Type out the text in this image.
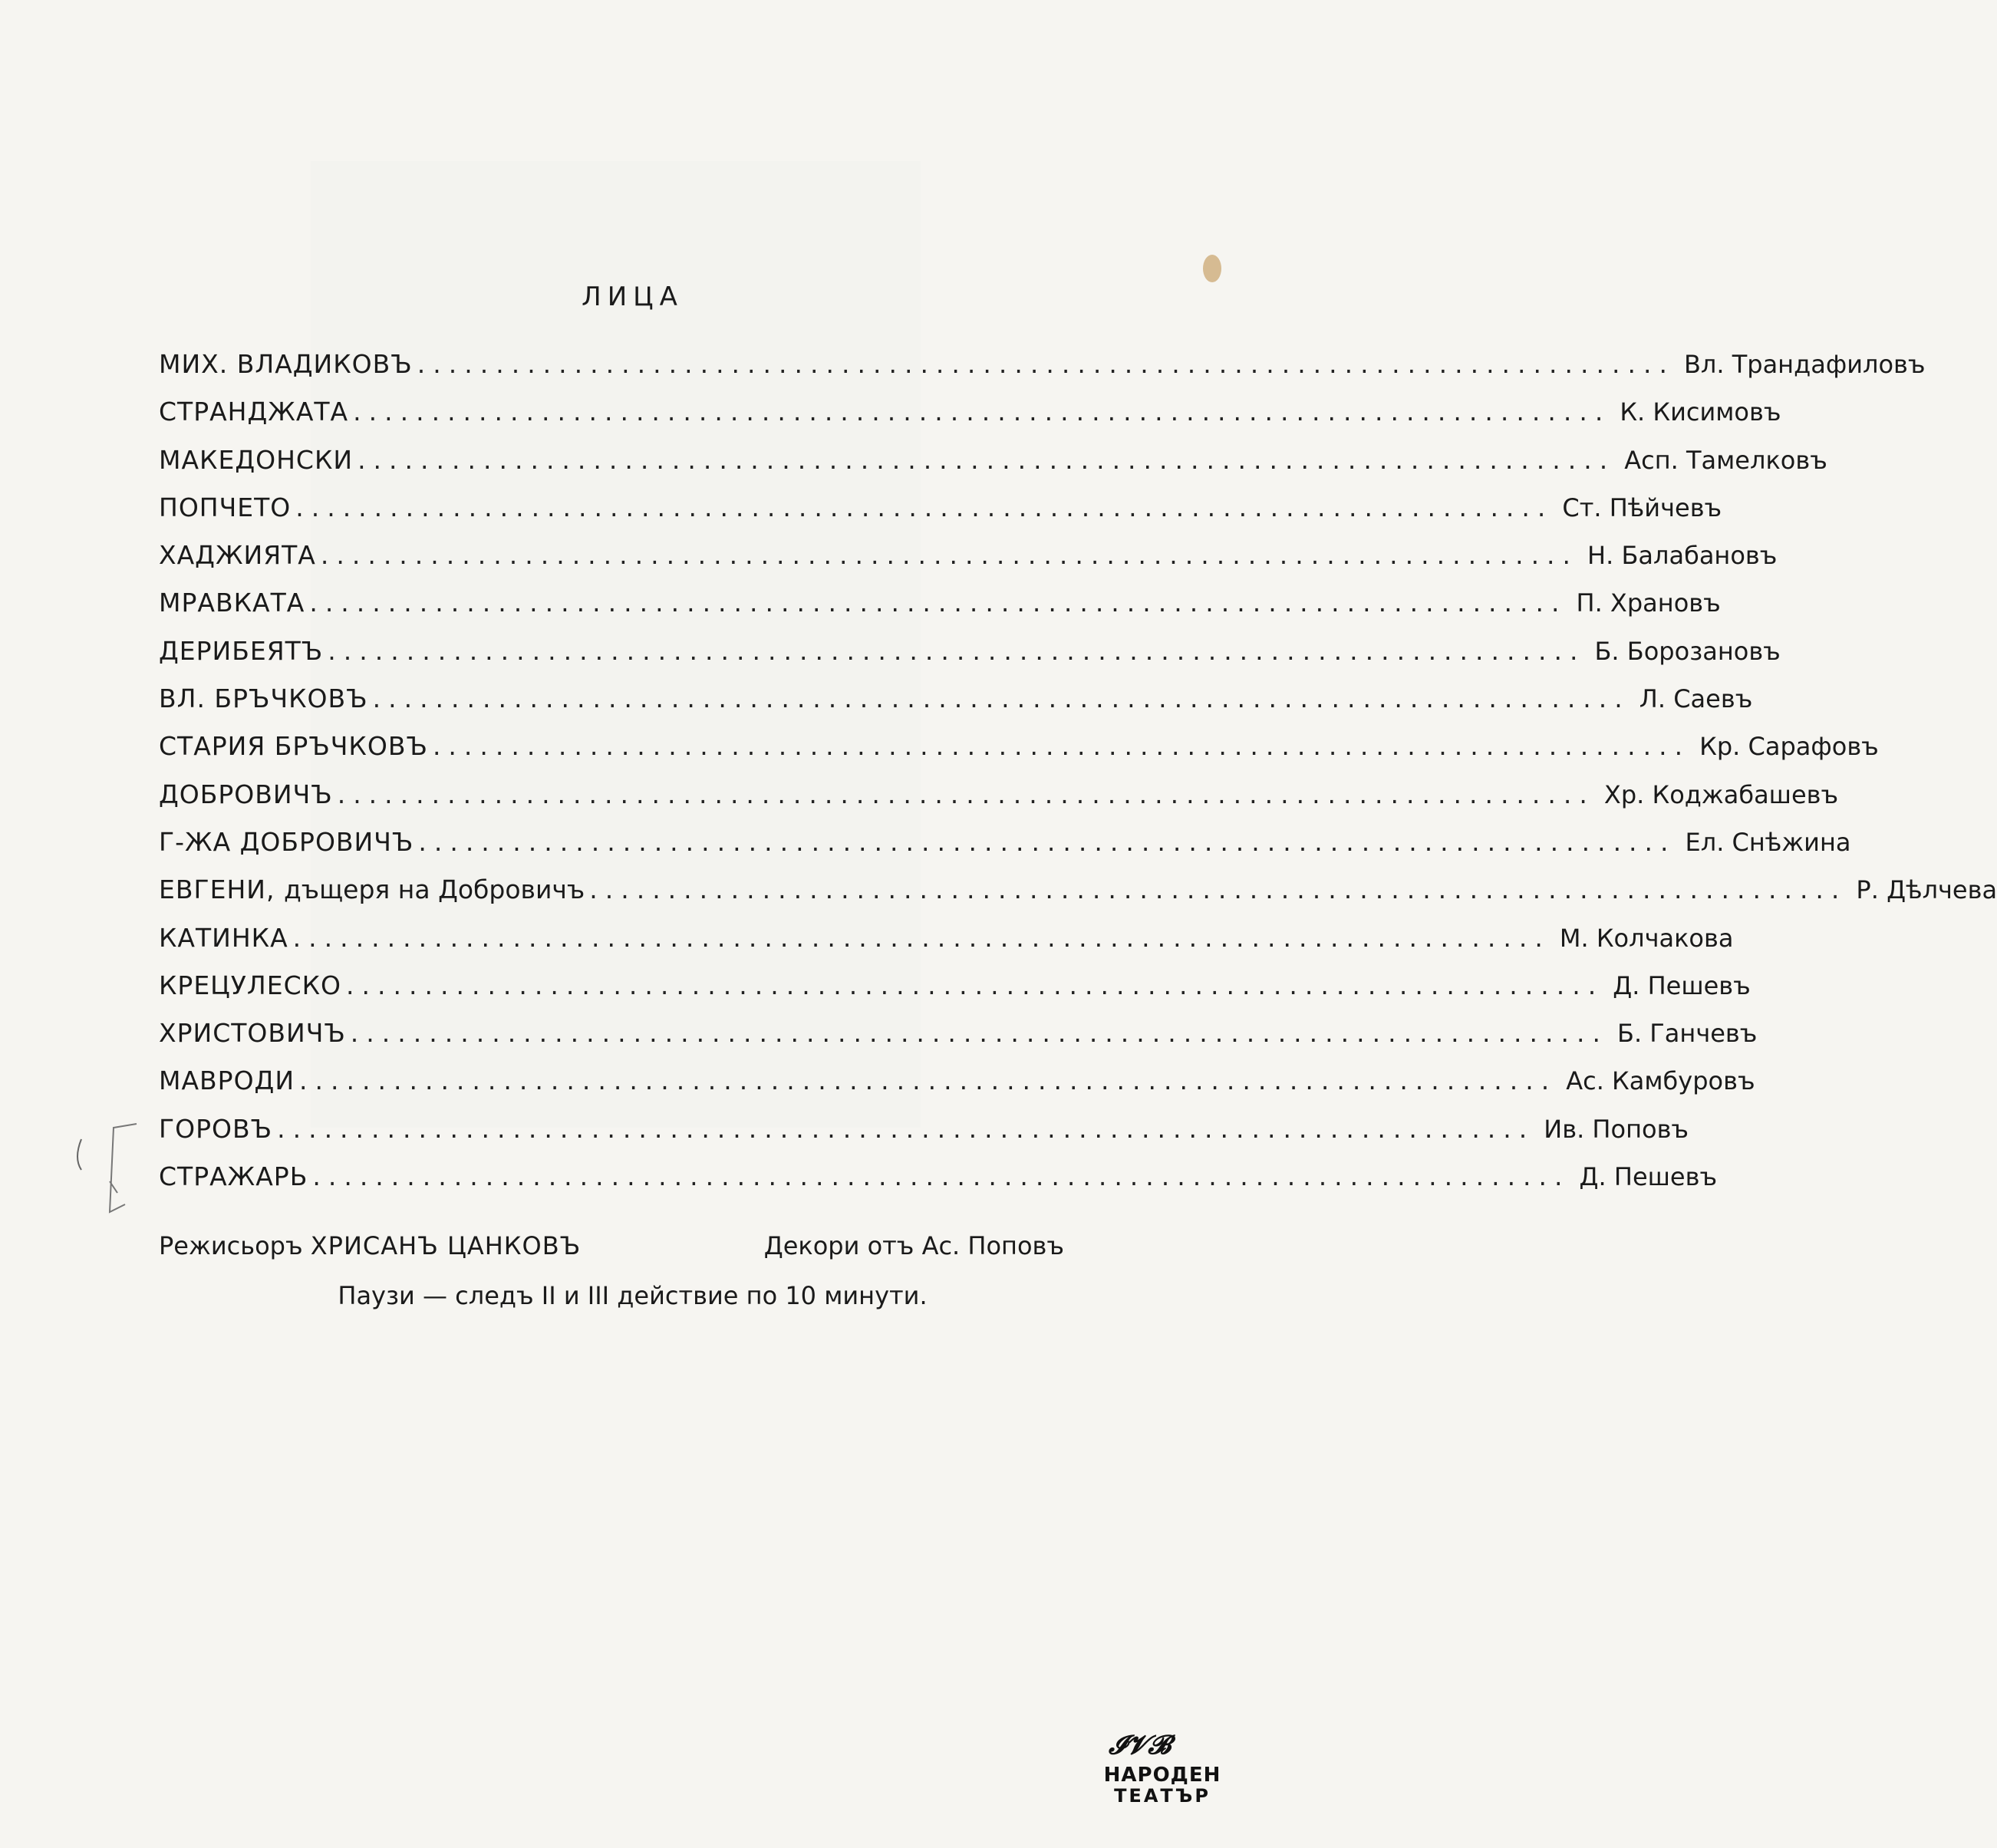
ЛИЦА
МИХ. ВЛАДИКОВЪ ................................................................................ Вл. Трандафиловъ
СТРАНДЖАТА ................................................................................ К. Кисимовъ
МАКЕДОНСКИ ................................................................................ Асп. Тамелковъ
ПОПЧЕТО ................................................................................ Ст. Пѣйчевъ
ХАДЖИЯТА ................................................................................ Н. Балабановъ
МРАВКАТА ................................................................................ П. Храновъ
ДЕРИБЕЯТЪ ................................................................................ Б. Борозановъ
ВЛ. БРЪЧКОВЪ ................................................................................ Л. Саевъ
СТАРИЯ БРЪЧКОВЪ ................................................................................ Кр. Сарафовъ
ДОБРОВИЧЪ ................................................................................ Хр. Коджабашевъ
Г-ЖА ДОБРОВИЧЪ ................................................................................ Ел. Снѣжина
ЕВГЕНИ, дъщеря на Добровичъ ................................................................................ Р. Дѣлчева
КАТИНКА ................................................................................ М. Колчакова
КРЕЦУЛЕСКО ................................................................................ Д. Пешевъ
ХРИСТОВИЧЪ ................................................................................ Б. Ганчевъ
МАВРОДИ ................................................................................ Ас. Камбуровъ
ГОРОВЪ ................................................................................ Ив. Поповъ
СТРАЖАРЬ ................................................................................ Д. Пешевъ
Режисьоръ ХРИСАНЪ ЦАНКОВЪ	Декори отъ Ас. Поповъ
Паузи — следъ II и III действие по 10 минути.
𝓘𝓥𝓑
НАРОДЕН
ТЕАТЪР
